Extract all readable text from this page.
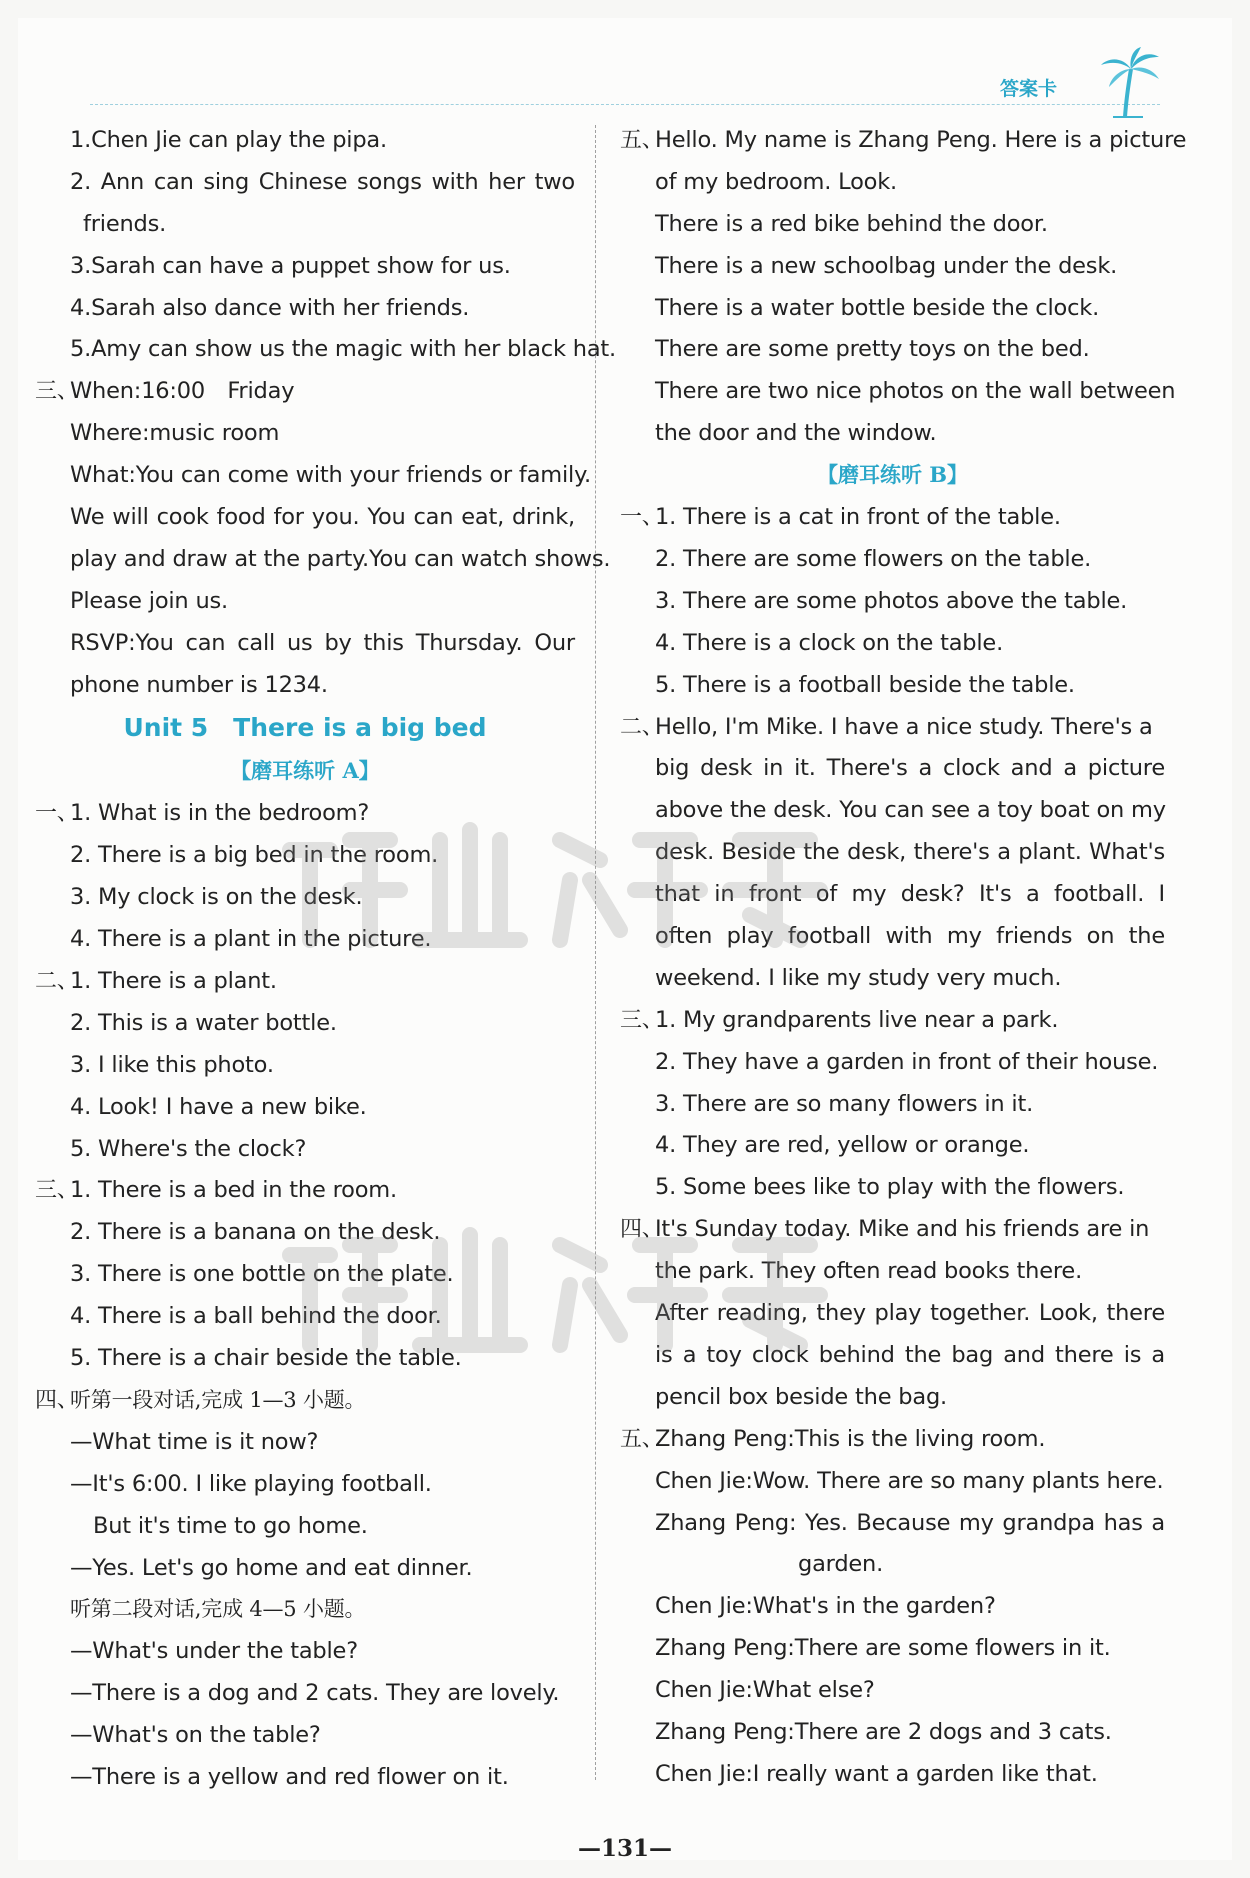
答案卡
1.Chen Jie can play the pipa.
2. Ann can sing Chinese songs with her two
friends.
3.Sarah can have a puppet show for us.
4.Sarah also dance with her friends.
5.Amy can show us the magic with her black hat.
三、When:16:00　Friday
Where:music room
What:You can come with your friends or family.
We will cook food for you. You can eat, drink,
play and draw at the party.You can watch shows.
Please join us.
RSVP:You can call us by this Thursday. Our
phone number is 1234.
Unit 5　There is a big bed
【磨耳练听 A】
一、1. What is in the bedroom?
2. There is a big bed in the room.
3. My clock is on the desk.
4. There is a plant in the picture.
二、1. There is a plant.
2. This is a water bottle.
3. I like this photo.
4. Look! I have a new bike.
5. Where's the clock?
三、1. There is a bed in the room.
2. There is a banana on the desk.
3. There is one bottle on the plate.
4. There is a ball behind the door.
5. There is a chair beside the table.
四、听第一段对话,完成 1—3 小题。
—What time is it now?
—It's 6:00. I like playing football.
But it's time to go home.
—Yes. Let's go home and eat dinner.
听第二段对话,完成 4—5 小题。
—What's under the table?
—There is a dog and 2 cats. They are lovely.
—What's on the table?
—There is a yellow and red flower on it.
五、Hello. My name is Zhang Peng. Here is a picture
of my bedroom. Look.
There is a red bike behind the door.
There is a new schoolbag under the desk.
There is a water bottle beside the clock.
There are some pretty toys on the bed.
There are two nice photos on the wall between
the door and the window.
【磨耳练听 B】
一、1. There is a cat in front of the table.
2. There are some flowers on the table.
3. There are some photos above the table.
4. There is a clock on the table.
5. There is a football beside the table.
二、Hello, I'm Mike. I have a nice study. There's a
big desk in it. There's a clock and a picture
above the desk. You can see a toy boat on my
desk. Beside the desk, there's a plant. What's
that in front of my desk? It's a football. I
often play football with my friends on the
weekend. I like my study very much.
三、1. My grandparents live near a park.
2. They have a garden in front of their house.
3. There are so many flowers in it.
4. They are red, yellow or orange.
5. Some bees like to play with the flowers.
四、It's Sunday today. Mike and his friends are in
the park. They often read books there.
After reading, they play together. Look, there
is a toy clock behind the bag and there is a
pencil box beside the bag.
五、Zhang Peng:This is the living room.
Chen Jie:Wow. There are so many plants here.
Zhang Peng: Yes. Because my grandpa has a
garden.
Chen Jie:What's in the garden?
Zhang Peng:There are some flowers in it.
Chen Jie:What else?
Zhang Peng:There are 2 dogs and 3 cats.
Chen Jie:I really want a garden like that.
—131—
